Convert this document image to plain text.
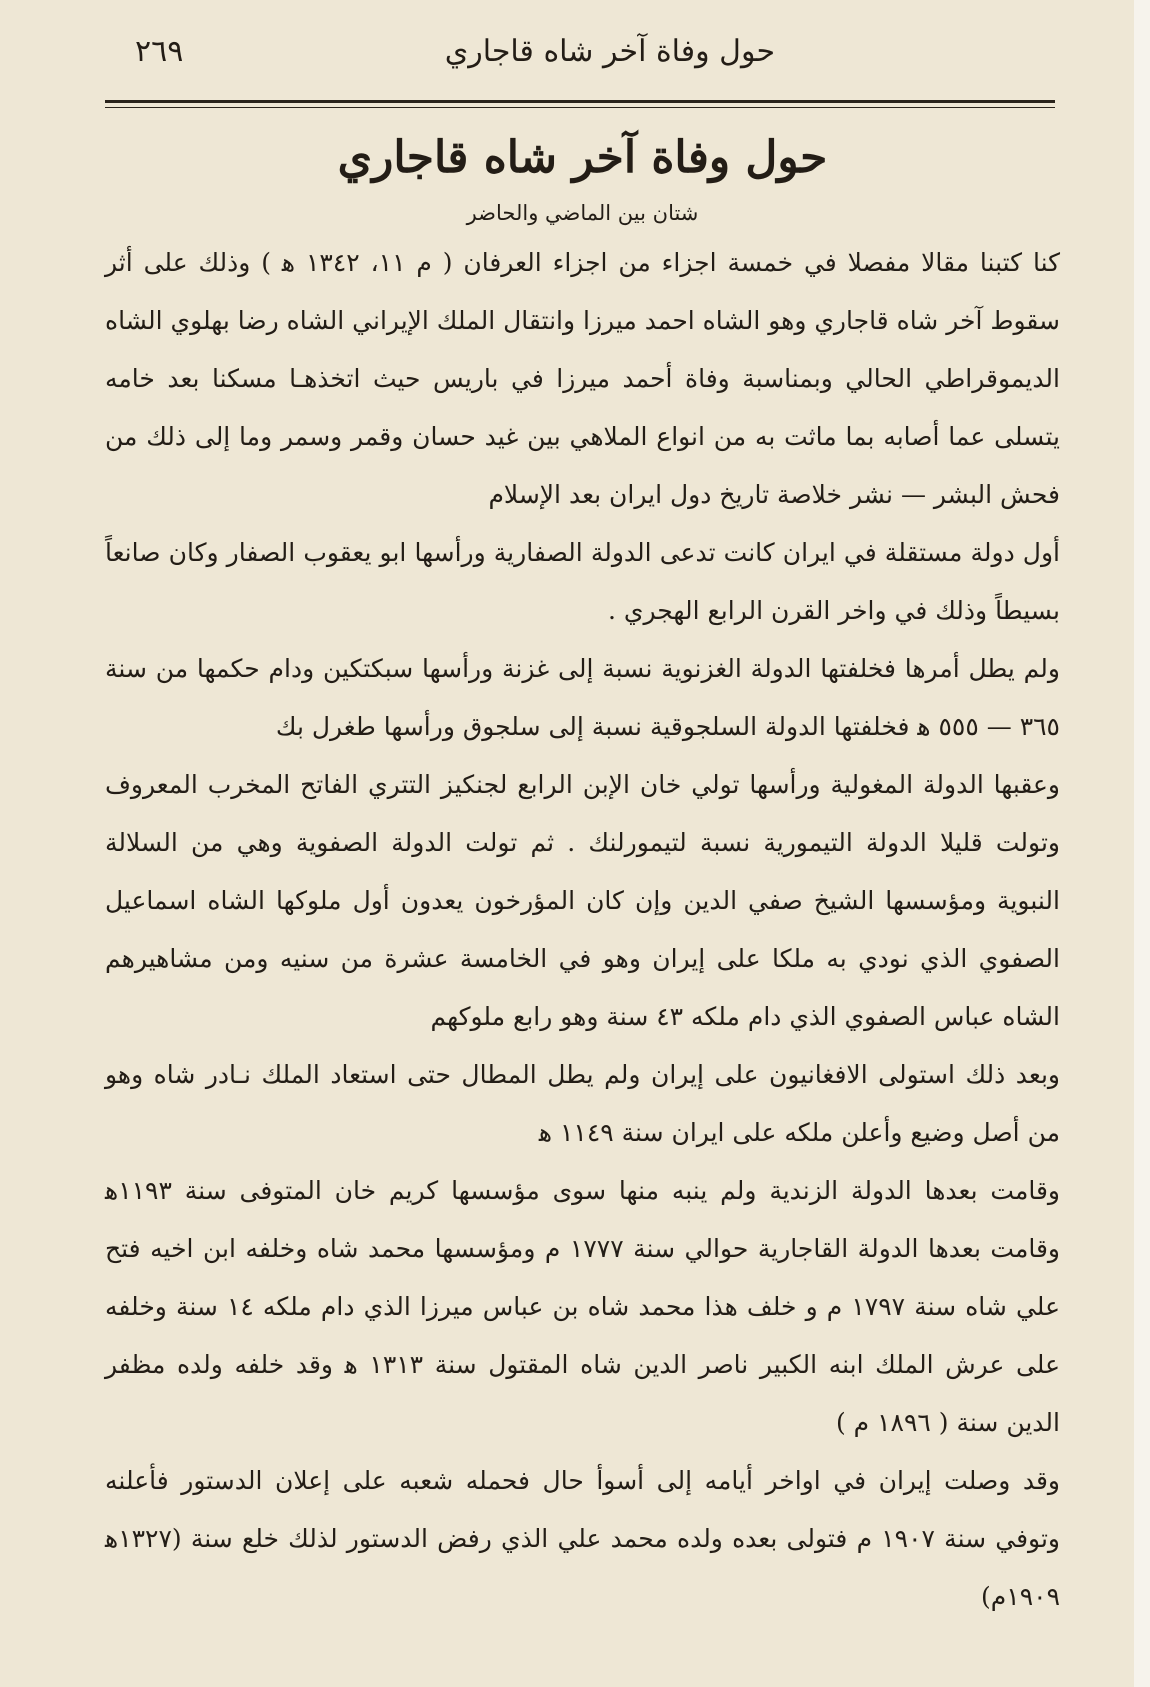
حول وفاة آخر شاه قاجاري
٢٦٩
حول وفاة آخر شاه قاجاري

شتان بين الماضي والحاضر

كنا كتبنا مقالا مفصلا في خمسة اجزاء من اجزاء العرفان ( م ١١، ١٣٤٢ ﻫ ) وذلك على أثر سقوط آخر شاه قاجاري وهو الشاه احمد ميرزا وانتقال الملك الإيراني الشاه رضا بهلوي الشاه الديموقراطي الحالي وبمناسبة وفاة أحمد ميرزا في باريس حيث اتخذهـا مسكنا بعد خامه يتسلى عما أصابه بما ماثت به من انواع الملاهي بين غيد حسان وقمر وسمر وما إلى ذلك من فحش البشر — نشر خلاصة تاريخ دول ايران بعد الإسلام

أول دولة مستقلة في ايران كانت تدعى الدولة الصفارية ورأسها ابو يعقوب الصفار وكان صانعاً بسيطاً وذلك في واخر القرن الرابع الهجري .

ولم يطل أمرها فخلفتها الدولة الغزنوية نسبة إلى غزنة ورأسها سبكتكين ودام حكمها من سنة ٣٦٥ — ٥٥٥ ﻫ فخلفتها الدولة السلجوقية نسبة إلى سلجوق ورأسها طغرل بك

وعقبها الدولة المغولية ورأسها تولي خان الإبن الرابع لجنكيز التتري الفاتح المخرب المعروف وتولت قليلا الدولة التيمورية نسبة لتيمورلنك . ثم تولت الدولة الصفوية وهي من السلالة النبوية ومؤسسها الشيخ صفي الدين وإن كان المؤرخون يعدون أول ملوكها الشاه اسماعيل الصفوي الذي نودي به ملكا على إيران وهو في الخامسة عشرة من سنيه ومن مشاهيرهم الشاه عباس الصفوي الذي دام ملكه ٤٣ سنة وهو رابع ملوكهم

وبعد ذلك استولى الافغانيون على إيران ولم يطل المطال حتى استعاد الملك نـادر شاه وهو من أصل وضيع وأعلن ملكه على ايران سنة ١١٤٩ ﻫ

وقامت بعدها الدولة الزندية ولم ينبه منها سوى مؤسسها كريم خان المتوفى سنة ١١٩٣ﻫ وقامت بعدها الدولة القاجارية حوالي سنة ١٧٧٧ م ومؤسسها محمد شاه وخلفه ابن اخيه فتح علي شاه سنة ١٧٩٧ م و خلف هذا محمد شاه بن عباس ميرزا الذي دام ملكه ١٤ سنة وخلفه على عرش الملك ابنه الكبير ناصر الدين شاه المقتول سنة ١٣١٣ ﻫ وقد خلفه ولده مظفر الدين سنة ( ١٨٩٦ م )

وقد وصلت إيران في اواخر أيامه إلى أسوأ حال فحمله شعبه على إعلان الدستور فأعلنه وتوفي سنة ١٩٠٧ م فتولى بعده ولده محمد علي الذي رفض الدستور لذلك خلع سنة (١٣٢٧ﻫ ١٩٠٩م)
